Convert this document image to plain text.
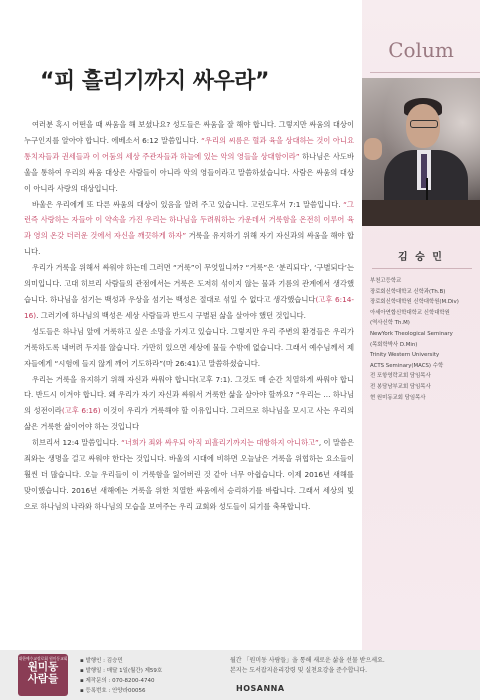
“피 흘리기까지 싸우라”

여러분 혹시 어떤을 때 싸움을 해 보셨나요? 성도들은 싸움을 잘 해야 합니다. 그렇지만 싸움의 대상이 누구인지를 알아야 합니다. 에베소서 6:12 말씀입니다. “우리의 씨름은 혈과 육을 상대하는 것이 아니요 통치자들과 권세들과 이 어둠의 세상 주관자들과 하늘에 있는 악의 영들을 상대함이라” 하나님은 사도바울을 통하여 우리의 싸움 대상은 사람들이 아니라 악의 영들이라고 말씀하셨습니다. 사람은 싸움의 대상이 아니라 사랑의 대상입니다.

바울은 우리에게 또 다른 싸움의 대상이 있음을 알려 주고 있습니다. 고린도후서 7:1 말씀입니다. “그런즉 사랑하는 자들아 이 약속을 가진 우리는 하나님을 두려워하는 가운데서 거룩함을 온전히 이루어 육과 영의 온갖 더러운 것에서 자신을 깨끗하게 하자” 거룩을 유지하기 위해 자기 자신과의 싸움을 해야 합니다.

우리가 거룩을 위해서 싸워야 하는데 그러면 “거룩”이 무엇일니까? “거룩”은 ‘분리되다’, ‘구별되다’는 의미입니다. 고대 히브리 사람들의 관점에서는 거룩은 도저히 섞이지 않는 물과 기름의 관계에서 생각했습니다. 하나님을 섬기는 백성과 우상을 섬기는 백성은 절대로 섞일 수 없다고 생각했습니다(고후 6:14-16). 그러기에 하나님의 백성은 세상 사람들과 반드시 구별된 삶을 살아야 했던 것입니다.

성도들은 하나님 앞에 거룩하고 싶은 소망을 가지고 있습니다. 그렇지만 우리 주변의 환경들은 우리가 거룩하도록 내버려 두지를 않습니다. 가만히 있으면 세상에 물들 수밖에 없습니다. 그래서 예수님께서 제자들에게 “시험에 들지 않게 깨어 기도하라”(마 26:41)고 말씀하셨습니다.

우리는 거룩을 유지하기 위해 자신과 싸워야 합니다(고후 7:1). 그것도 매 순간 치열하게 싸워야 합니다. 반드시 이겨야 합니다. 왜 우리가 자기 자신과 싸워서 거룩한 삶을 살아야 할까요? “우리는 … 하나님의 성전이라(고후 6:16) 이것이 우리가 거룩해야 할 이유입니다. 그러므로 하나님을 모시고 사는 우리의 삶은 거룩한 삶이어야 하는 것입니다

히브리서 12:4 말씀입니다. “너희가 죄와 싸우되 아직 피흘리기까지는 대항하지 아니하고”, 이 말씀은 죄와는 생명을 걸고 싸워야 한다는 것입니다. 바울의 시대에 비하면 오늘날은 거룩을 위협하는 요소들이 훨씬 더 많습니다. 오늘 우리들이 이 거룩함을 잃어버린 것 같아 너무 아쉽습니다. 이제 2016년 새해를 맞이했습니다. 2016년 새해에는 거룩을 위한 치열한 싸움에서 승리하기를 바랍니다. 그래서 세상의 빛으로 하나님의 나라와 하나님의 모습을 보여주는 우리 교회와 성도들이 되기를 축복합니다.

Colum
김 승 민
부천고등학교
장로회신학대학교 신학과(Th.B)
장로회신학대학원 신학대학원(M.Div)
아세아연합신학대학교 신학대학원
(역사신학 Th.M)
NewYork Theological Seminary
(목회학박사 D.Min)
Trinity Western University
ACTS Seminary(MACS) 수학
전 포항영락교회 담임목사
전 봉담남부교회 담임목사
현 원미동교회 담임목사
대한예수교장로회 원미동교회
원미동
사람들
▪ 발행인 : 김승민
▪ 발행일 : 매달 1일(월간) 제59호
▪ 제작문의 : 070-8200-4740
▪ 등록번호 : 안양라00056
월간 「원미동 사람들」을 통해 새로운 삶을 선물 받으세요.
본지는 도서잡지윤리강령 및 실천요강을 준수합니다.
HOSANNA
